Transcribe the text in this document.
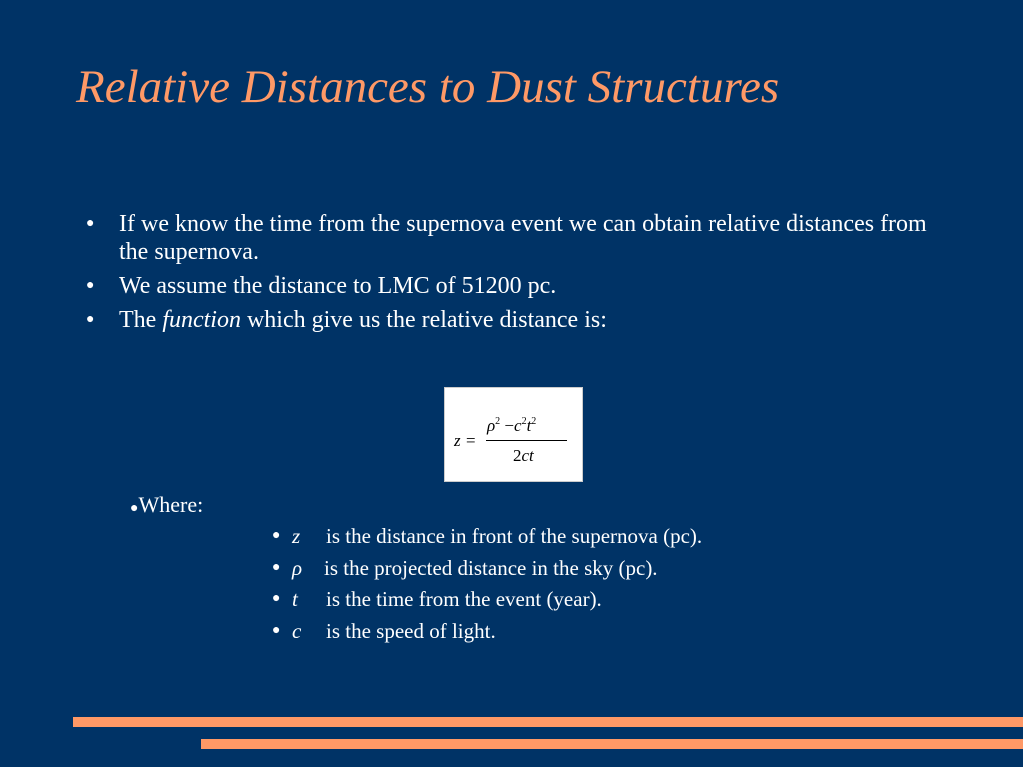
Relative Distances to Dust Structures
● If we know the time from the supernova event we can obtain relative distances from the supernova.
● We assume the distance to LMC of 51200 pc.
● The function which give us the relative distance is:
z =
$\rho^2 -c^2t^2$
2ct
●Where:
● z is the distance in front of the supernova (pc).
● ρ is the projected distance in the sky (pc).
● t is the time from the event (year).
● c is the speed of light.
